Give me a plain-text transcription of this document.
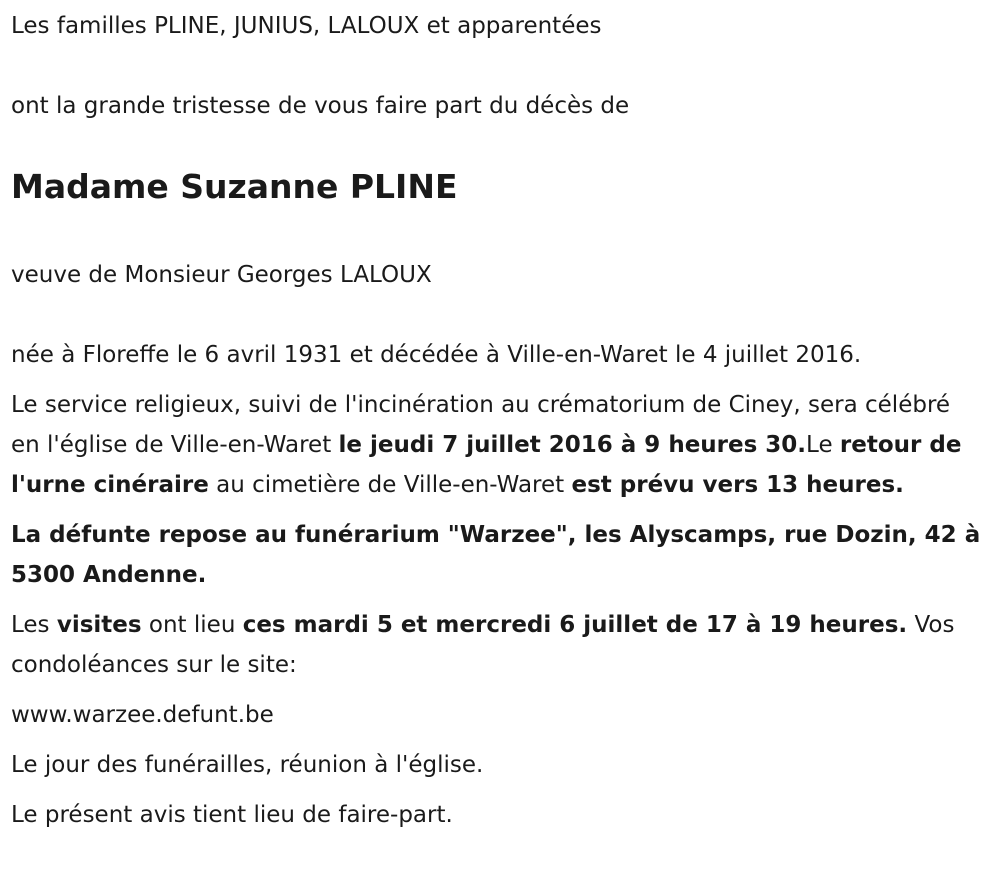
Les familles PLINE, JUNIUS, LALOUX et apparentées

ont la grande tristesse de vous faire part du décès de

Madame Suzanne PLINE

veuve de Monsieur Georges LALOUX

née à Floreffe le 6 avril 1931 et décédée à Ville-en-Waret le 4 juillet 2016.

Le service religieux, suivi de l'incinération au crématorium de Ciney, sera célébré en l'église de Ville-en-Waret le jeudi 7 juillet 2016 à 9 heures 30.Le retour de l'urne cinéraire au cimetière de Ville-en-Waret est prévu vers 13 heures.

La défunte repose au funérarium "Warzee", les Alyscamps, rue Dozin, 42 à 5300 Andenne.

Les visites ont lieu ces mardi 5 et mercredi 6 juillet de 17 à 19 heures. Vos condoléances sur le site:

www.warzee.defunt.be

Le jour des funérailles, réunion à l'église.

Le présent avis tient lieu de faire-part.
